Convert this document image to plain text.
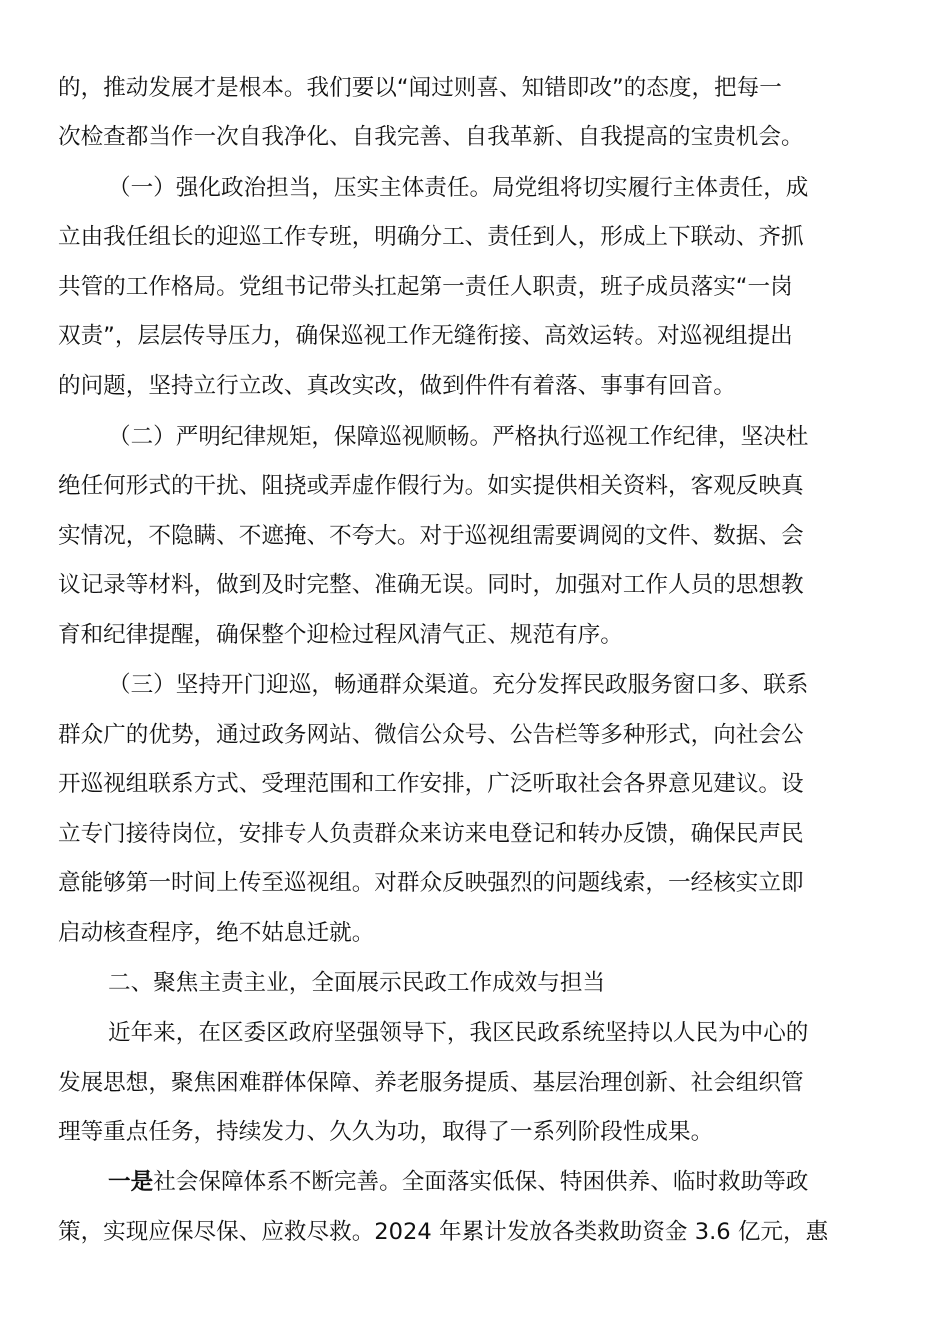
的，推动发展才是根本。我们要以“闻过则喜、知错即改”的态度，把每一
次检查都当作一次自我净化、自我完善、自我革新、自我提高的宝贵机会。
（一）强化政治担当，压实主体责任。局党组将切实履行主体责任，成
立由我任组长的迎巡工作专班，明确分工、责任到人，形成上下联动、齐抓
共管的工作格局。党组书记带头扛起第一责任人职责，班子成员落实“一岗
双责”，层层传导压力，确保巡视工作无缝衔接、高效运转。对巡视组提出
的问题，坚持立行立改、真改实改，做到件件有着落、事事有回音。
（二）严明纪律规矩，保障巡视顺畅。严格执行巡视工作纪律，坚决杜
绝任何形式的干扰、阻挠或弄虚作假行为。如实提供相关资料，客观反映真
实情况，不隐瞒、不遮掩、不夸大。对于巡视组需要调阅的文件、数据、会
议记录等材料，做到及时完整、准确无误。同时，加强对工作人员的思想教
育和纪律提醒，确保整个迎检过程风清气正、规范有序。
（三）坚持开门迎巡，畅通群众渠道。充分发挥民政服务窗口多、联系
群众广的优势，通过政务网站、微信公众号、公告栏等多种形式，向社会公
开巡视组联系方式、受理范围和工作安排，广泛听取社会各界意见建议。设
立专门接待岗位，安排专人负责群众来访来电登记和转办反馈，确保民声民
意能够第一时间上传至巡视组。对群众反映强烈的问题线索，一经核实立即
启动核查程序，绝不姑息迁就。
二、聚焦主责主业，全面展示民政工作成效与担当
近年来，在区委区政府坚强领导下，我区民政系统坚持以人民为中心的
发展思想，聚焦困难群体保障、养老服务提质、基层治理创新、社会组织管
理等重点任务，持续发力、久久为功，取得了一系列阶段性成果。
一是社会保障体系不断完善。全面落实低保、特困供养、临时救助等政
策，实现应保尽保、应救尽救。2024 年累计发放各类救助资金 3.6 亿元，惠
